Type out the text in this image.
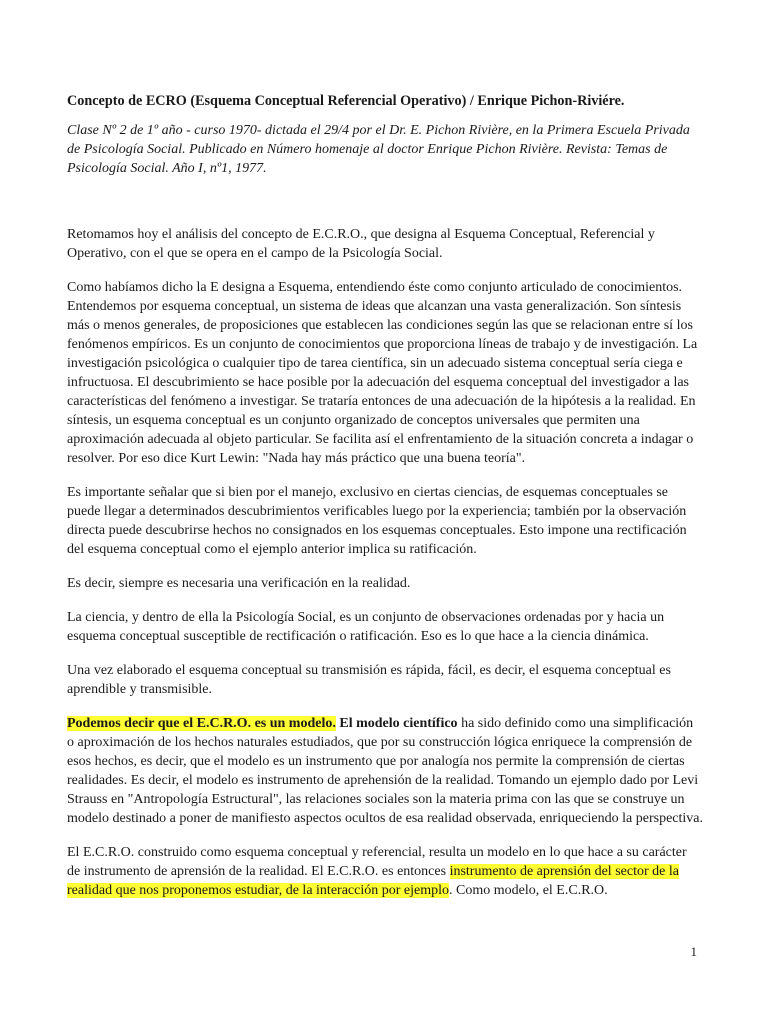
Concepto de ECRO (Esquema Conceptual Referencial Operativo) / Enrique Pichon-Riviére.
Clase Nº 2 de 1º año - curso 1970- dictada el 29/4 por el Dr. E. Pichon Rivière, en la Primera Escuela Privada de Psicología Social. Publicado en Número homenaje al doctor Enrique Pichon Rivière. Revista: Temas de Psicología Social. Año I, nº1, 1977.

Retomamos hoy el análisis del concepto de E.C.R.O., que designa al Esquema Conceptual, Referencial y Operativo, con el que se opera en el campo de la Psicología Social.

Como habíamos dicho la E designa a Esquema, entendiendo éste como conjunto articulado de conocimientos. Entendemos por esquema conceptual, un sistema de ideas que alcanzan una vasta generalización. Son síntesis más o menos generales, de proposiciones que establecen las condiciones según las que se relacionan entre sí los fenómenos empíricos. Es un conjunto de conocimientos que proporciona líneas de trabajo y de investigación. La investigación psicológica o cualquier tipo de tarea científica, sin un adecuado sistema conceptual sería ciega e infructuosa. El descubrimiento se hace posible por la adecuación del esquema conceptual del investigador a las características del fenómeno a investigar. Se trataría entonces de una adecuación de la hipótesis a la realidad. En síntesis, un esquema conceptual es un conjunto organizado de conceptos universales que permiten una aproximación adecuada al objeto particular. Se facilita así el enfrentamiento de la situación concreta a indagar o resolver. Por eso dice Kurt Lewin: "Nada hay más práctico que una buena teoría".

Es importante señalar que si bien por el manejo, exclusivo en ciertas ciencias, de esquemas conceptuales se puede llegar a determinados descubrimientos verificables luego por la experiencia; también por la observación directa puede descubrirse hechos no consignados en los esquemas conceptuales. Esto impone una rectificación del esquema conceptual como el ejemplo anterior implica su ratificación.

Es decir, siempre es necesaria una verificación en la realidad.

La ciencia, y dentro de ella la Psicología Social, es un conjunto de observaciones ordenadas por y hacia un esquema conceptual susceptible de rectificación o ratificación. Eso es lo que hace a la ciencia dinámica.

Una vez elaborado el esquema conceptual su transmisión es rápida, fácil, es decir, el esquema conceptual es aprendible y transmisible.

Podemos decir que el E.C.R.O. es un modelo. El modelo científico ha sido definido como una simplificación o aproximación de los hechos naturales estudiados, que por su construcción lógica enriquece la comprensión de esos hechos, es decir, que el modelo es un instrumento que por analogía nos permite la comprensión de ciertas realidades. Es decir, el modelo es instrumento de aprehensión de la realidad. Tomando un ejemplo dado por Levi Strauss en "Antropología Estructural", las relaciones sociales son la materia prima con las que se construye un modelo destinado a poner de manifiesto aspectos ocultos de esa realidad observada, enriqueciendo la perspectiva.

El E.C.R.O. construido como esquema conceptual y referencial, resulta un modelo en lo que hace a su carácter de instrumento de aprensión de la realidad. El E.C.R.O. es entonces instrumento de aprensión del sector de la realidad que nos proponemos estudiar, de la interacción por ejemplo. Como modelo, el E.C.R.O.

1
